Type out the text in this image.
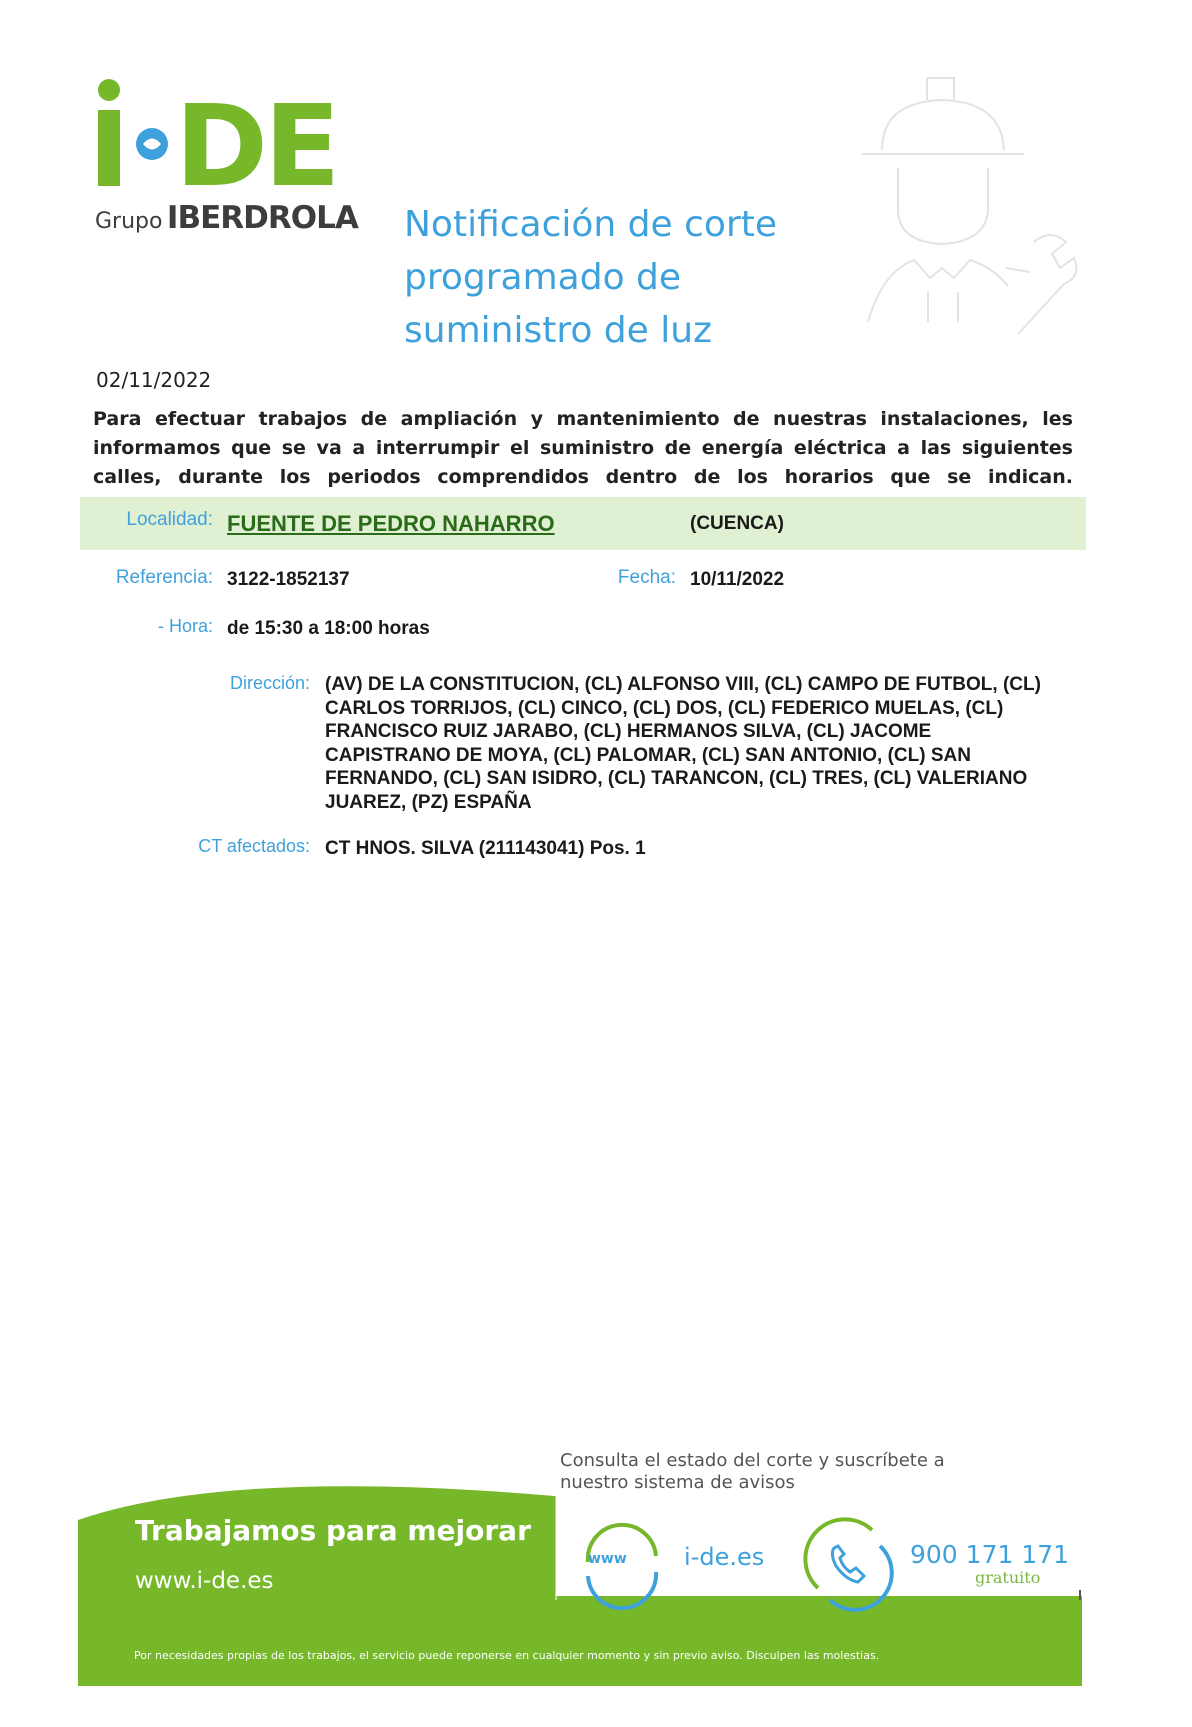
DE
Grupo IBERDROLA Notificación de corte programado de suministro de luz
02/11/2022
Para efectuar trabajos de ampliación y mantenimiento de nuestras instalaciones, les informamos que se va a interrumpir el suministro de energía eléctrica a las siguientes calles, durante los periodos comprendidos dentro de los horarios que se indican.
Localidad: FUENTE DE PEDRO NAHARRO	(CUENCA)
Referencia: 3122-1852137	Fecha: 10/11/2022
- Hora: de 15:30 a 18:00 horas
Dirección: (AV) DE LA CONSTITUCION, (CL) ALFONSO VIII, (CL) CAMPO DE FUTBOL, (CL) CARLOS TORRIJOS, (CL) CINCO, (CL) DOS, (CL) FEDERICO MUELAS, (CL) FRANCISCO RUIZ JARABO, (CL) HERMANOS SILVA, (CL) JACOME CAPISTRANO DE MOYA, (CL) PALOMAR, (CL) SAN ANTONIO, (CL) SAN FERNANDO, (CL) SAN ISIDRO, (CL) TARANCON, (CL) TRES, (CL) VALERIANO JUAREZ, (PZ) ESPAÑA
CT afectados: CT HNOS. SILVA (211143041) Pos. 1
Consulta el estado del corte y suscríbete a nuestro sistema de avisos
Trabajamos para mejorar
www.i-de.es
Por necesidades propias de los trabajos, el servicio puede reponerse en cualquier momento y sin previo aviso. Disculpen las molestias.
www i-de.es	900 171 171
gratuito
